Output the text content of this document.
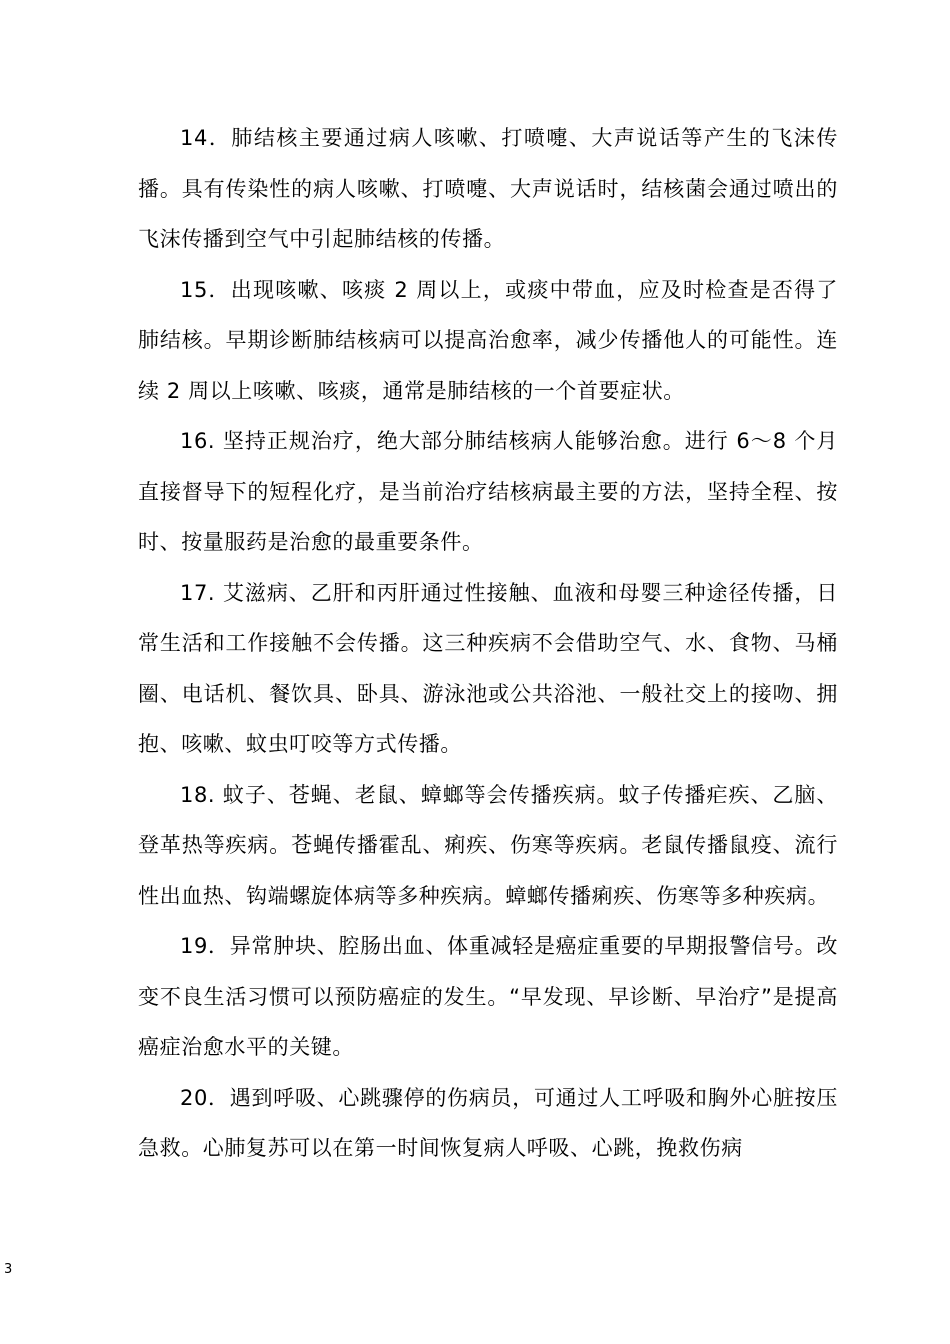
14．肺结核主要通过病人咳嗽、打喷嚏、大声说话等产生的飞沫传播。具有传染性的病人咳嗽、打喷嚏、大声说话时，结核菌会通过喷出的飞沫传播到空气中引起肺结核的传播。

15．出现咳嗽、咳痰 2 周以上，或痰中带血，应及时检查是否得了肺结核。早期诊断肺结核病可以提高治愈率，减少传播他人的可能性。连续 2 周以上咳嗽、咳痰，通常是肺结核的一个首要症状。

16. 坚持正规治疗，绝大部分肺结核病人能够治愈。进行 6〜8 个月直接督导下的短程化疗，是当前治疗结核病最主要的方法，坚持全程、按时、按量服药是治愈的最重要条件。

17. 艾滋病、乙肝和丙肝通过性接触、血液和母婴三种途径传播，日常生活和工作接触不会传播。这三种疾病不会借助空气、水、食物、马桶圈、电话机、餐饮具、卧具、游泳池或公共浴池、一般社交上的接吻、拥抱、咳嗽、蚊虫叮咬等方式传播。

18. 蚊子、苍蝇、老鼠、蟑螂等会传播疾病。蚊子传播疟疾、乙脑、登革热等疾病。苍蝇传播霍乱、痢疾、伤寒等疾病。老鼠传播鼠疫、流行性出血热、钩端螺旋体病等多种疾病。蟑螂传播痢疾、伤寒等多种疾病。

19．异常肿块、腔肠出血、体重减轻是癌症重要的早期报警信号。改变不良生活习惯可以预防癌症的发生。“早发现、早诊断、早治疗”是提高癌症治愈水平的关键。

20．遇到呼吸、心跳骤停的伤病员，可通过人工呼吸和胸外心脏按压急救。心肺复苏可以在第一时间恢复病人呼吸、心跳，挽救伤病

3
